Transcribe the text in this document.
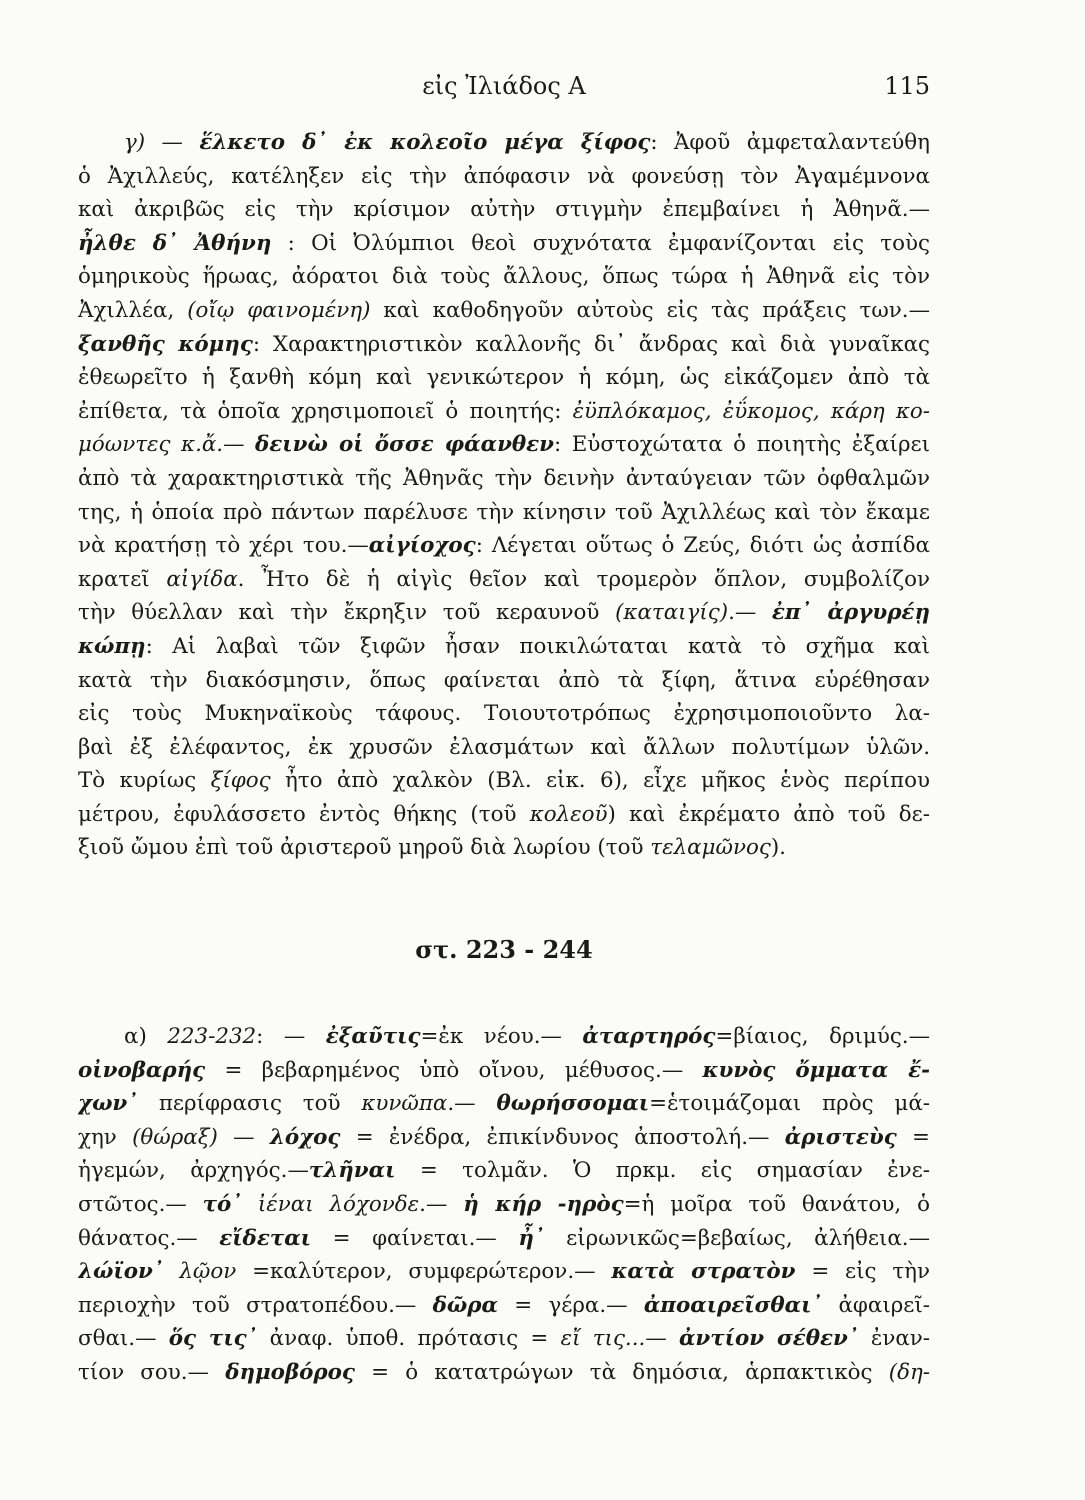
εἰς Ἰλιάδος Α	115
γ) — ἕλκετο δ᾽ ἐκ κολεοῖο μέγα ξίφος: Ἀφοῦ ἀμφεταλαντεύθη
ὁ Ἀχιλλεύς, κατέληξεν εἰς τὴν ἀπόφασιν νὰ φονεύσῃ τὸν Ἀγαμέμνονα
καὶ ἀκριβῶς εἰς τὴν κρίσιμον αὐτὴν στιγμὴν ἐπεμβαίνει ἡ Ἀθηνᾶ.—
ἦλθε δ᾽ Ἀθήνη : Οἱ Ὀλύμπιοι θεοὶ συχνότατα ἐμφανίζονται εἰς τοὺς
ὁμηρικοὺς ἥρωας, ἀόρατοι διὰ τοὺς ἄλλους, ὅπως τώρα ἡ Ἀθηνᾶ εἰς τὸν
Ἀχιλλέα, (οἴῳ φαινομένη) καὶ καθοδηγοῦν αὐτοὺς εἰς τὰς πράξεις των.—
ξανθῆς κόμης: Χαρακτηριστικὸν καλλονῆς δι᾽ ἄνδρας καὶ διὰ γυναῖκας
ἐθεωρεῖτο ἡ ξανθὴ κόμη καὶ γενικώτερον ἡ κόμη, ὡς εἰκάζομεν ἀπὸ τὰ
ἐπίθετα, τὰ ὁποῖα χρησιμοποιεῖ ὁ ποιητής: ἐϋπλόκαμος, ἐΰκομος, κάρη κο-
μόωντες κ.ἄ.— δεινὼ οἱ ὄσσε φάανθεν: Εὐστοχώτατα ὁ ποιητὴς ἐξαίρει
ἀπὸ τὰ χαρακτηριστικὰ τῆς Ἀθηνᾶς τὴν δεινὴν ἀνταύγειαν τῶν ὀφθαλμῶν
της, ἡ ὁποία πρὸ πάντων παρέλυσε τὴν κίνησιν τοῦ Ἀχιλλέως καὶ τὸν ἔκαμε
νὰ κρατήσῃ τὸ χέρι του.—αἰγίοχος: Λέγεται οὕτως ὁ Ζεύς, διότι ὡς ἀσπίδα
κρατεῖ αἰγίδα. Ἦτο δὲ ἡ αἰγὶς θεῖον καὶ τρομερὸν ὅπλον, συμβολίζον
τὴν θύελλαν καὶ τὴν ἔκρηξιν τοῦ κεραυνοῦ (καταιγίς).— ἐπ᾽ ἀργυρέῃ
κώπῃ: Αἱ λαβαὶ τῶν ξιφῶν ἦσαν ποικιλώταται κατὰ τὸ σχῆμα καὶ
κατὰ τὴν διακόσμησιν, ὅπως φαίνεται ἀπὸ τὰ ξίφη, ἅτινα εὑρέθησαν
εἰς τοὺς Μυκηναϊκοὺς τάφους. Τοιουτοτρόπως ἐχρησιμοποιοῦντο λα-
βαὶ ἐξ ἐλέφαντος, ἐκ χρυσῶν ἐλασμάτων καὶ ἄλλων πολυτίμων ὑλῶν.
Τὸ κυρίως ξίφος ἦτο ἀπὸ χαλκὸν (Βλ. εἰκ. 6), εἶχε μῆκος ἑνὸς περίπου
μέτρου, ἐφυλάσσετο ἐντὸς θήκης (τοῦ κολεοῦ) καὶ ἐκρέματο ἀπὸ τοῦ δε-
ξιοῦ ὤμου ἐπὶ τοῦ ἀριστεροῦ μηροῦ διὰ λωρίου (τοῦ τελαμῶνος).
στ. 223 - 244
α) 223-232: — ἐξαῦτις=ἐκ νέου.— ἀταρτηρός=βίαιος, δριμύς.—
οἰνοβαρής = βεβαρημένος ὑπὸ οἴνου, μέθυσος.— κυνὸς ὄμματα ἔ-
χων᾽ περίφρασις τοῦ κυνῶπα.— θωρήσσομαι=ἑτοιμάζομαι πρὸς μά-
χην (θώραξ) — λόχος = ἐνέδρα, ἐπικίνδυνος ἀποστολή.— ἀριστεὺς =
ἡγεμών, ἀρχηγός.—τλῆναι = τολμᾶν. Ὁ πρκμ. εἰς σημασίαν ἐνε-
στῶτος.— τό᾽ ἰέναι λόχονδε.— ἡ κήρ -ηρὸς=ἡ μοῖρα τοῦ θανάτου, ὁ
θάνατος.— εἴδεται = φαίνεται.— ἦ᾽ εἰρωνικῶς=βεβαίως, ἀλήθεια.—
λώϊον᾽ λῷον =καλύτερον, συμφερώτερον.— κατὰ στρατὸν = εἰς τὴν
περιοχὴν τοῦ στρατοπέδου.— δῶρα = γέρα.— ἀποαιρεῖσθαι᾽ ἀφαιρεῖ-
σθαι.— ὅς τις᾽ ἀναφ. ὑποθ. πρότασις = εἴ τις...— ἀντίον σέθεν᾽ ἐναν-
τίον σου.— δημοβόρος = ὁ κατατρώγων τὰ δημόσια, ἁρπακτικὸς (δη-
